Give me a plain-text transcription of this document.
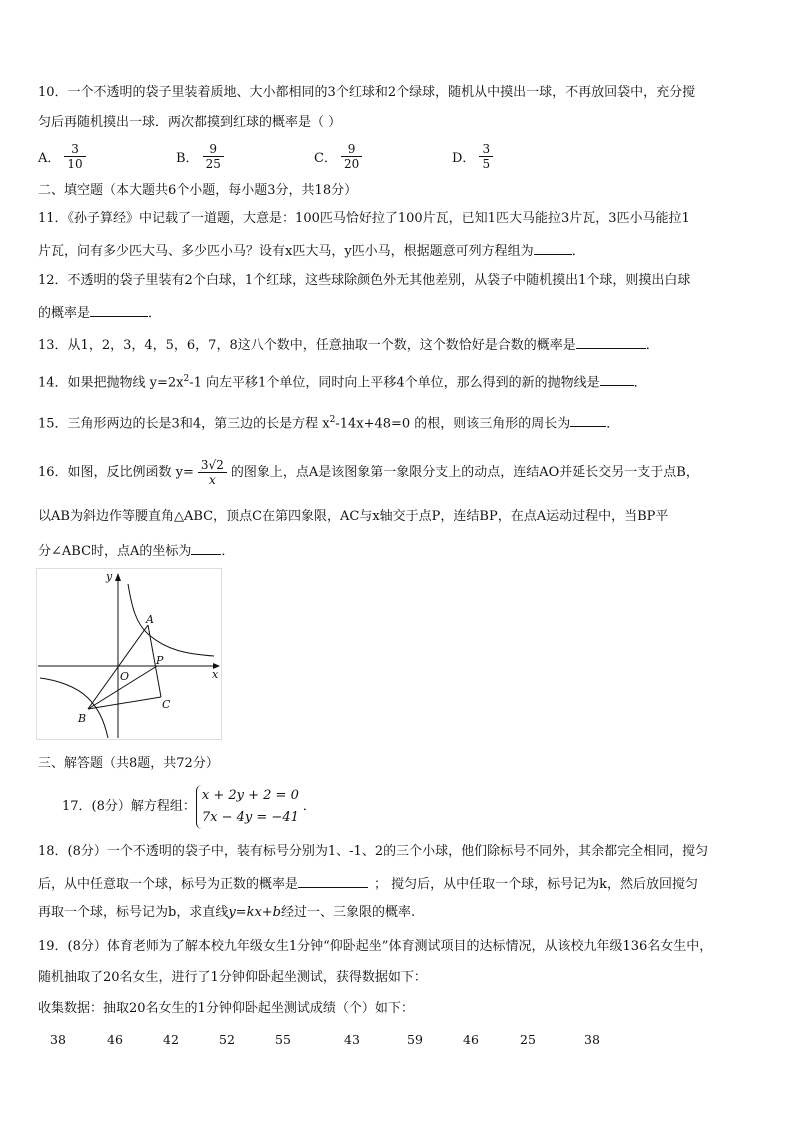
10．一个不透明的袋子里装着质地、大小都相同的3个红球和2个绿球，随机从中摸出一球，不再放回袋中，充分搅
匀后再随机摸出一球．两次都摸到红球的概率是（ ）
A． $\frac{3}{10}$	B． $\frac{9}{25}$	C． $\frac{9}{20}$	D． $\frac{3}{5}$
二、填空题（本大题共6个小题，每小题3分，共18分）
11．《孙子算经》中记载了一道题，大意是：100匹马恰好拉了100片瓦，已知1匹大马能拉3片瓦，3匹小马能拉1
片瓦，问有多少匹大马、多少匹小马？设有x匹大马，y匹小马，根据题意可列方程组为	．
12．不透明的袋子里装有2个白球，1个红球，这些球除颜色外无其他差别，从袋子中随机摸出1个球，则摸出白球
的概率是	．
13．从1，2，3，4，5，6，7，8这八个数中，任意抽取一个数，这个数恰好是合数的概率是	．
14．如果把抛物线 $y=2x^2-1$ 向左平移1个单位，同时向上平移4个单位，那么得到的新的抛物线是	．
15．三角形两边的长是3和4，第三边的长是方程 $x^2-14x+48=0$ 的根，则该三角形的周长为	．
16．如图，反比例函数 $y= \frac{3√2}{x}$ 的图象上，点A是该图象第一象限分支上的动点，连结AO并延长交另一支于点B，
以AB为斜边作等腰直角△ABC，顶点C在第四象限，AC与x轴交于点P，连结BP，在点A运动过程中，当BP平
分∠ABC时，点A的坐标为 ．
y
x
A
P
O
B
C
三、解答题（共8题，共72分）
17．(8分）解方程组：
x + 2y + 2 = 0
7x − 4y = −41
．
18．(8分）一个不透明的袋子中，装有标号分别为1、-1、2的三个小球，他们除标号不同外，其余都完全相同，搅匀
后，从中任意取一个球，标号为正数的概率是	； 搅匀后，从中任取一个球，标号记为k，然后放回搅匀
再取一个球，标号记为b，求直线y=kx+b经过一、三象限的概率.
19．(8分）体育老师为了解本校九年级女生1分钟“仰卧起坐”体育测试项目的达标情况，从该校九年级136名女生中，
随机抽取了20名女生，进行了1分钟仰卧起坐测试，获得数据如下：
收集数据：抽取20名女生的1分钟仰卧起坐测试成绩（个）如下：
38	46	42	52	55	43	59	46	25	38
